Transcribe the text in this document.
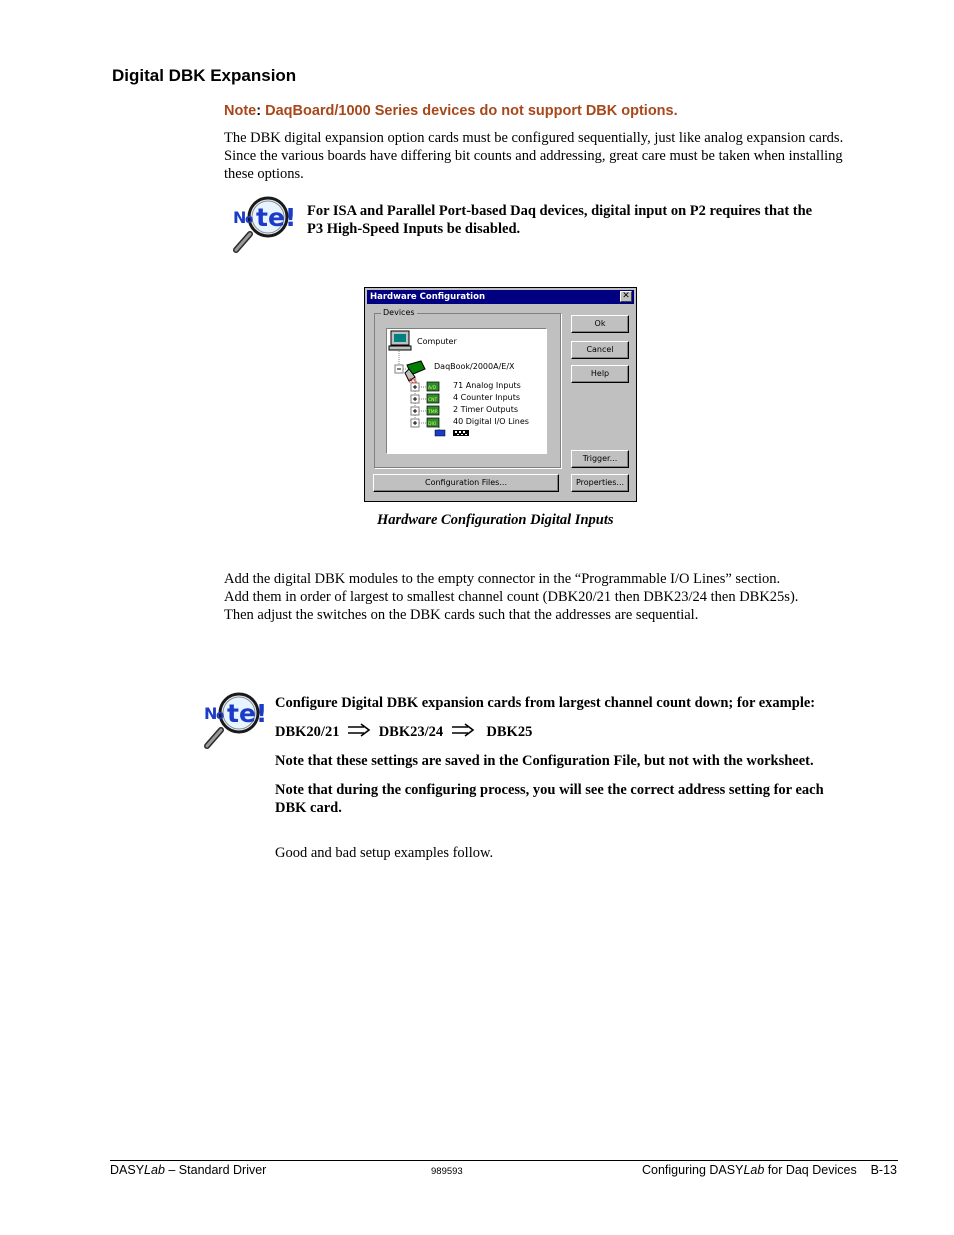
Digital DBK Expansion
Note: DaqBoard/1000 Series devices do not support DBK options.
The DBK digital expansion option cards must be configured sequentially, just like analog expansion cards.
Since the various boards have differing bit counts and addressing, great care must be taken when installing
these options.
N
o te! For ISA and Parallel Port-based Daq devices, digital input on P2 requires that the
P3 High-Speed Inputs be disabled.
Hardware Configuration	✕
Devices
RS
A/D
CNT
TMR
DIO
Computer
DaqBook/2000A/E/X
71 Analog Inputs
4 Counter Inputs
2 Timer Outputs
40 Digital I/O Lines
Ok
Cancel
Help
Trigger...
Configuration Files...	Properties...
Hardware Configuration Digital Inputs
Add the digital DBK modules to the empty connector in the “Programmable I/O Lines” section.
Add them in order of largest to smallest channel count (DBK20/21 then DBK23/24 then DBK25s).
Then adjust the switches on the DBK cards such that the addresses are sequential.
N
o te! Configure Digital DBK expansion cards from largest channel count down; for example:
DBK20/21	DBK23/24	DBK25
Note that these settings are saved in the Configuration File, but not with the worksheet.
Note that during the configuring process, you will see the correct address setting for each
DBK card.
Good and bad setup examples follow.
DASYLab – Standard Driver	989593	Configuring DASYLab for Daq Devices    B-13
